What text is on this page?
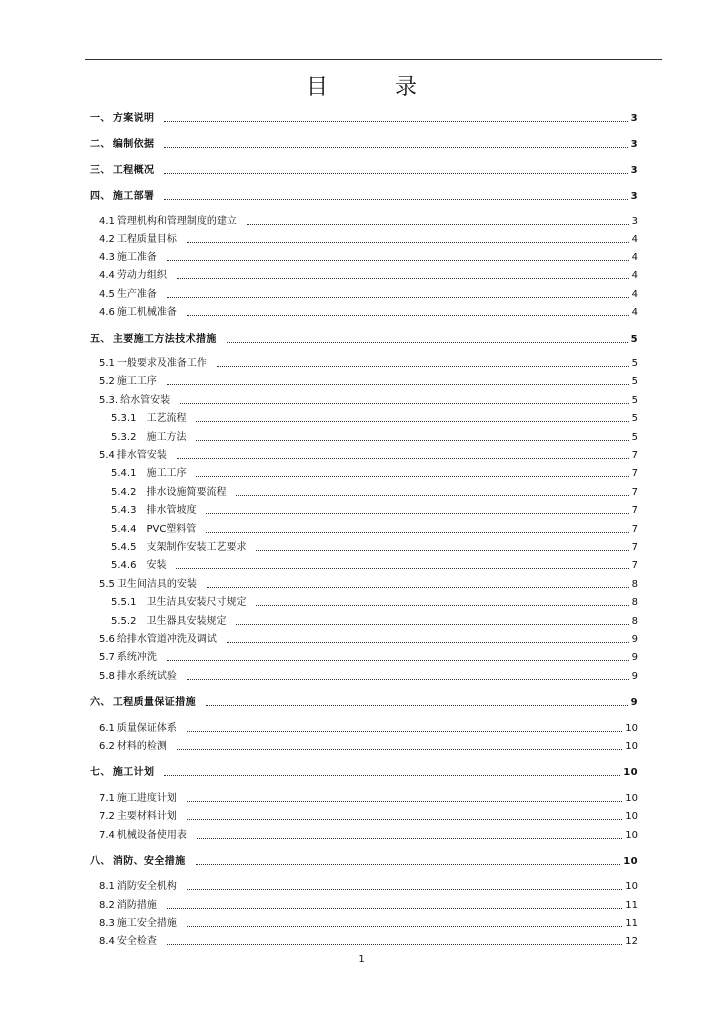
目 录
一、 方案说明	3
二、 编制依据	3
三、 工程概况	3
四、 施工部署	3
4.1 管理机构和管理制度的建立	3
4.2 工程质量目标	4
4.3 施工准备	4
4.4 劳动力组织	4
4.5 生产准备	4
4.6 施工机械准备	4
五、 主要施工方法技术措施	5
5.1 一般要求及准备工作	5
5.2 施工工序	5
5.3. 给水管安装	5
5.3.1 工艺流程	5
5.3.2 施工方法	5
5.4 排水管安装	7
5.4.1 施工工序	7
5.4.2 排水设施简要流程	7
5.4.3 排水管坡度	7
5.4.4 PVC塑料管	7
5.4.5 支架制作安装工艺要求	7
5.4.6 安装	7
5.5 卫生间洁具的安装	8
5.5.1 卫生洁具安装尺寸规定	8
5.5.2 卫生器具安装规定	8
5.6 给排水管道冲洗及调试	9
5.7 系统冲洗	9
5.8 排水系统试验	9
六、 工程质量保证措施	9
6.1 质量保证体系	10
6.2 材料的检测	10
七、 施工计划	10
7.1 施工进度计划	10
7.2 主要材料计划	10
7.4 机械设备使用表	10
八、 消防、安全措施	10
8.1 消防安全机构	10
8.2 消防措施	11
8.3 施工安全措施	11
8.4 安全检查	12
1
